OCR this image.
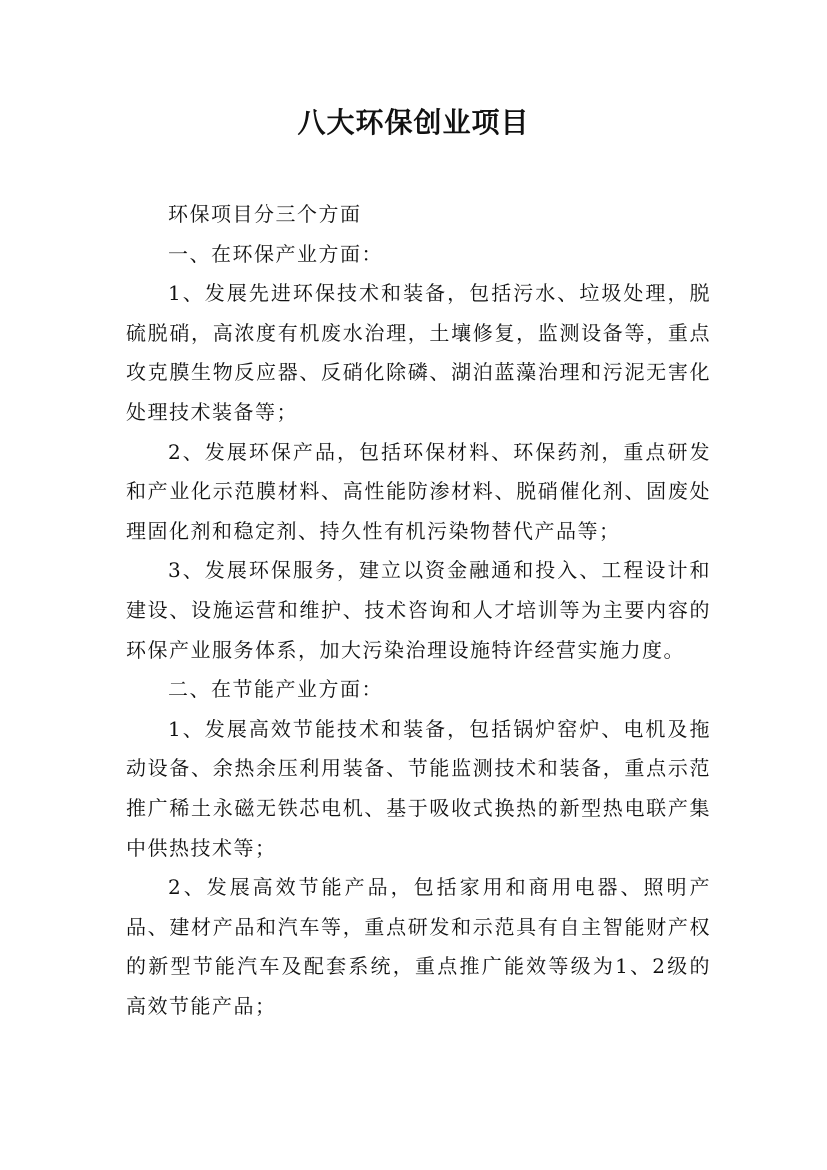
八大环保创业项目

环保项目分三个方面

一、在环保产业方面：

1、发展先进环保技术和装备，包括污水、垃圾处理，脱硫脱硝，高浓度有机废水治理，土壤修复，监测设备等，重点攻克膜生物反应器、反硝化除磷、湖泊蓝藻治理和污泥无害化处理技术装备等；

2、发展环保产品，包括环保材料、环保药剂，重点研发和产业化示范膜材料、高性能防渗材料、脱硝催化剂、固废处理固化剂和稳定剂、持久性有机污染物替代产品等；

3、发展环保服务，建立以资金融通和投入、工程设计和建设、设施运营和维护、技术咨询和人才培训等为主要内容的环保产业服务体系，加大污染治理设施特许经营实施力度。

二、在节能产业方面：

1、发展高效节能技术和装备，包括锅炉窑炉、电机及拖动设备、余热余压利用装备、节能监测技术和装备，重点示范推广稀土永磁无铁芯电机、基于吸收式换热的新型热电联产集中供热技术等；

2、发展高效节能产品，包括家用和商用电器、照明产品、建材产品和汽车等，重点研发和示范具有自主智能财产权的新型节能汽车及配套系统，重点推广能效等级为1、2级的高效节能产品；
